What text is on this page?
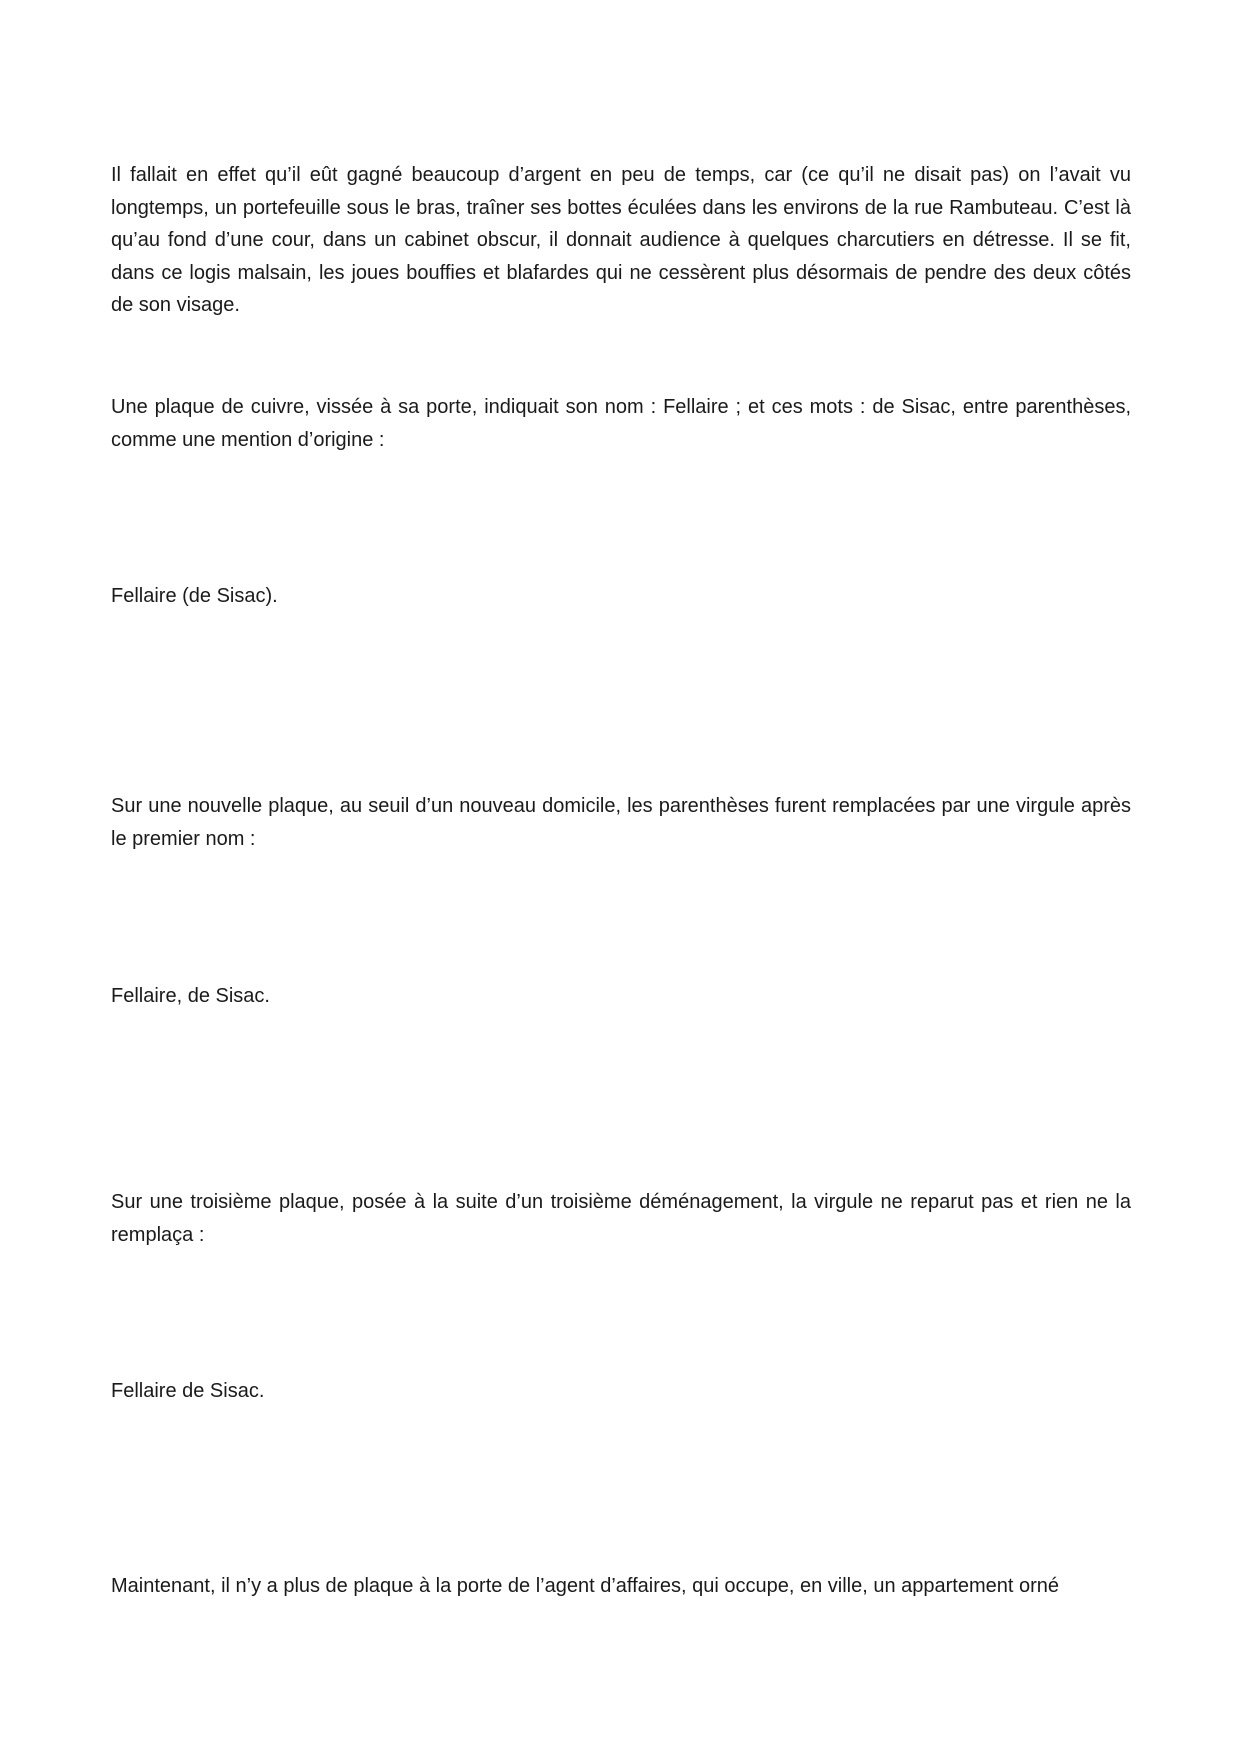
Il fallait en effet qu’il eût gagné beaucoup d’argent en peu de temps, car (ce qu’il ne disait pas) on l’avait vu longtemps, un portefeuille sous le bras, traîner ses bottes éculées dans les environs de la rue Rambuteau. C’est là qu’au fond d’une cour, dans un cabinet obscur, il donnait audience à quelques charcutiers en détresse. Il se fit, dans ce logis malsain, les joues bouffies et blafardes qui ne cessèrent plus désormais de pendre des deux côtés de son visage.

Une plaque de cuivre, vissée à sa porte, indiquait son nom : Fellaire ; et ces mots : de Sisac, entre parenthèses, comme une mention d’origine :

Fellaire (de Sisac).

Sur une nouvelle plaque, au seuil d’un nouveau domicile, les parenthèses furent remplacées par une virgule après le premier nom :

Fellaire, de Sisac.

Sur une troisième plaque, posée à la suite d’un troisième déménagement, la virgule ne reparut pas et rien ne la remplaça :

Fellaire de Sisac.

Maintenant, il n’y a plus de plaque à la porte de l’agent d’affaires, qui occupe, en ville, un appartement orné
